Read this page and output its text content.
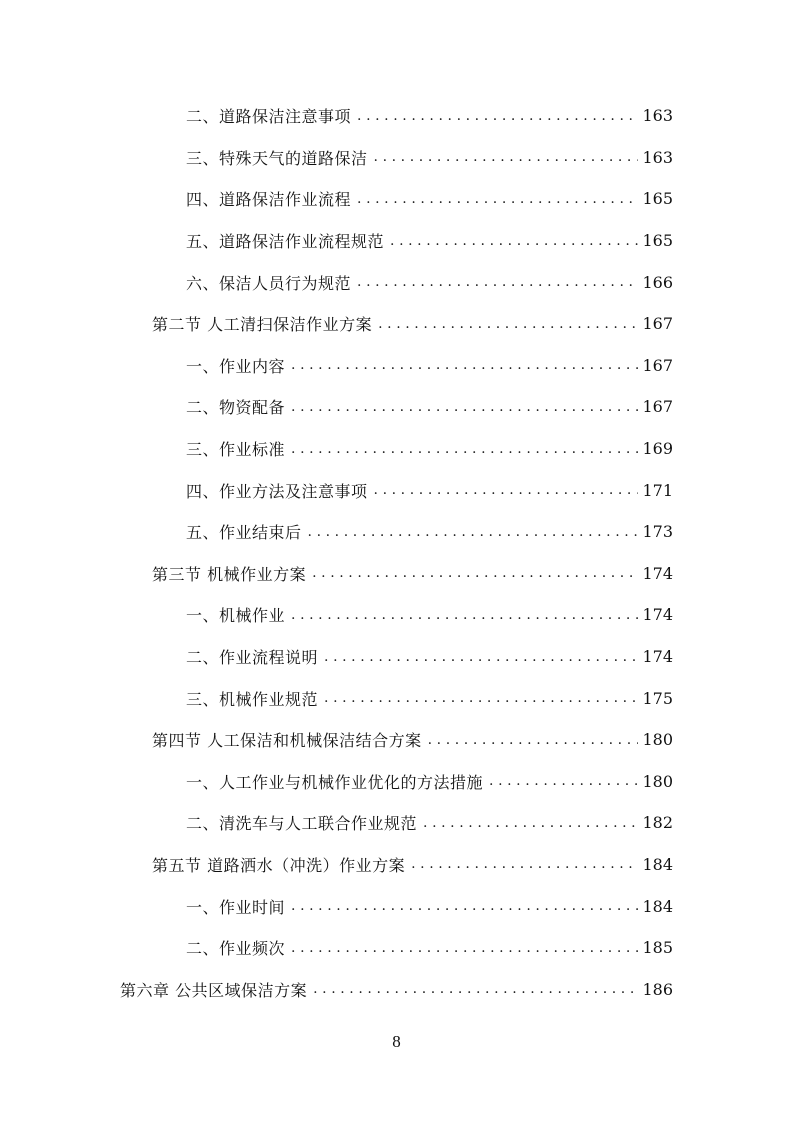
二、道路保洁注意事项 .....	163
三、特殊天气的道路保洁 .....	163
四、道路保洁作业流程 .....	165
五、道路保洁作业流程规范 .....	165
六、保洁人员行为规范 .....	166
第二节 人工清扫保洁作业方案 .....	167
一、作业内容 .....	167
二、物资配备 .....	167
三、作业标准 .....	169
四、作业方法及注意事项 .....	171
五、作业结束后 .....	173
第三节 机械作业方案 .....	174
一、机械作业 .....	174
二、作业流程说明 .....	174
三、机械作业规范 .....	175
第四节 人工保洁和机械保洁结合方案 .....	180
一、人工作业与机械作业优化的方法措施 .....	180
二、清洗车与人工联合作业规范 .....	182
第五节 道路洒水（冲洗）作业方案 .....	184
一、作业时间 .....	184
二、作业频次 .....	185
第六章 公共区域保洁方案 .....	186
8
